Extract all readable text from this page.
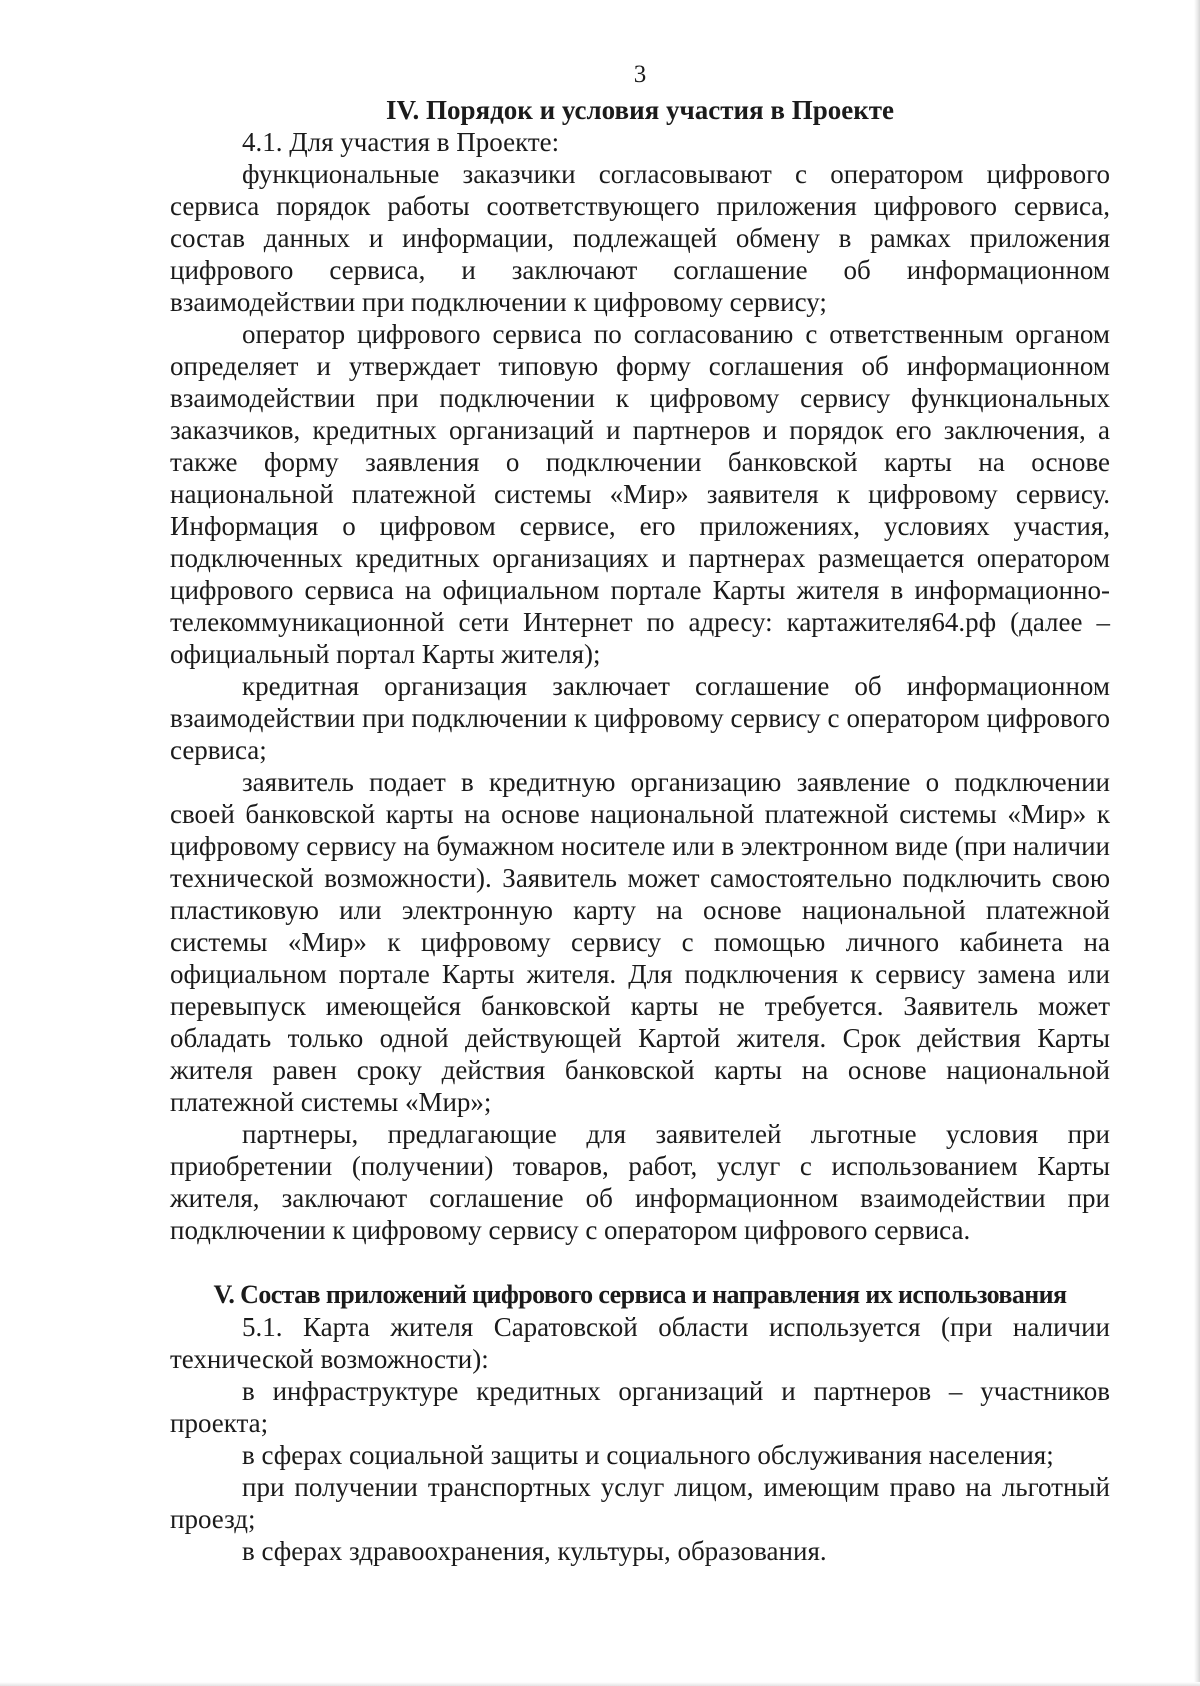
3
IV. Порядок и условия участия в Проекте

4.1. Для участия в Проекте:

функциональные заказчики согласовывают с оператором цифрового сервиса порядок работы соответствующего приложения цифрового сервиса, состав данных и информации, подлежащей обмену в рамках приложения цифрового сервиса, и заключают соглашение об информационном взаимодействии при подключении к цифровому сервису;

оператор цифрового сервиса по согласованию с ответственным органом определяет и утверждает типовую форму соглашения об информационном взаимодействии при подключении к цифровому сервису функциональных заказчиков, кредитных организаций и партнеров и порядок его заключения, а также форму заявления о подключении банковской карты на основе национальной платежной системы «Мир» заявителя к цифровому сервису. Информация о цифровом сервисе, его приложениях, условиях участия, подключенных кредитных организациях и партнерах размещается оператором цифрового сервиса на официальном портале Карты жителя в информационно-телекоммуникационной сети Интернет по адресу: картажителя64.рф (далее – официальный портал Карты жителя);

кредитная организация заключает соглашение об информационном взаимодействии при подключении к цифровому сервису с оператором цифрового сервиса;

заявитель подает в кредитную организацию заявление о подключении своей банковской карты на основе национальной платежной системы «Мир» к цифровому сервису на бумажном носителе или в электронном виде (при наличии технической возможности). Заявитель может самостоятельно подключить свою пластиковую или электронную карту на основе национальной платежной системы «Мир» к цифровому сервису с помощью личного кабинета на официальном портале Карты жителя. Для подключения к сервису замена или перевыпуск имеющейся банковской карты не требуется. Заявитель может обладать только одной действующей Картой жителя. Срок действия Карты жителя равен сроку действия банковской карты на основе национальной платежной системы «Мир»;

партнеры, предлагающие для заявителей льготные условия при приобретении (получении) товаров, работ, услуг с использованием Карты жителя, заключают соглашение об информационном взаимодействии при подключении к цифровому сервису с оператором цифрового сервиса.

V. Состав приложений цифрового сервиса и направления их использования

5.1. Карта жителя Саратовской области используется (при наличии технической возможности):

в инфраструктуре кредитных организаций и партнеров – участников проекта;

в сферах социальной защиты и социального обслуживания населения;

при получении транспортных услуг лицом, имеющим право на льготный проезд;

в сферах здравоохранения, культуры, образования.
